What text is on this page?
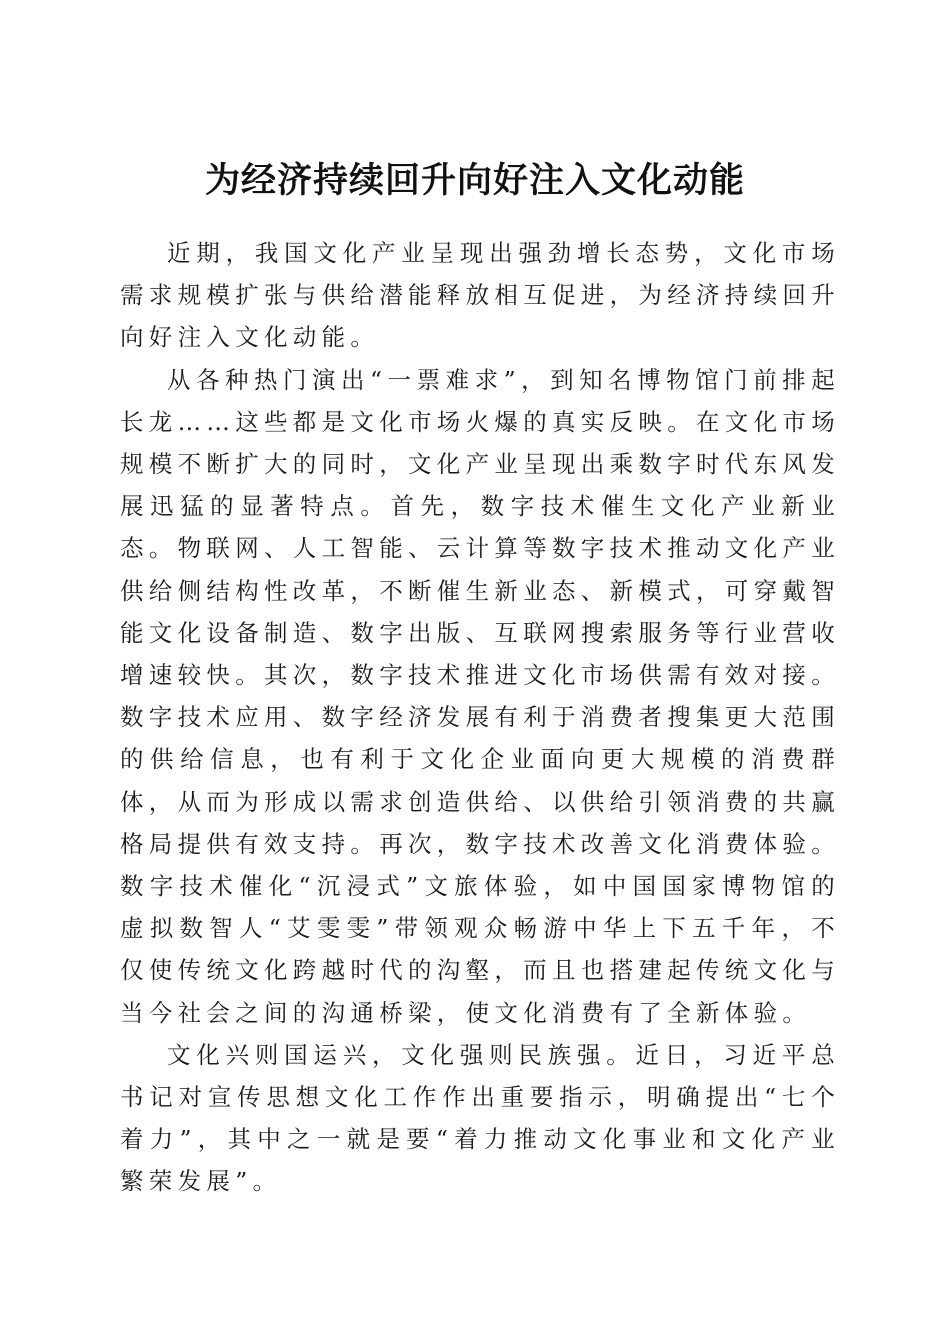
为经济持续回升向好注入文化动能

近期，我国文化产业呈现出强劲增长态势，文化市场需求规模扩张与供给潜能释放相互促进，为经济持续回升向好注入文化动能。

从各种热门演出“一票难求”，到知名博物馆门前排起长龙……这些都是文化市场火爆的真实反映。在文化市场规模不断扩大的同时，文化产业呈现出乘数字时代东风发展迅猛的显著特点。首先，数字技术催生文化产业新业态。物联网、人工智能、云计算等数字技术推动文化产业供给侧结构性改革，不断催生新业态、新模式，可穿戴智能文化设备制造、数字出版、互联网搜索服务等行业营收增速较快。其次，数字技术推进文化市场供需有效对接。数字技术应用、数字经济发展有利于消费者搜集更大范围的供给信息，也有利于文化企业面向更大规模的消费群体，从而为形成以需求创造供给、以供给引领消费的共赢格局提供有效支持。再次，数字技术改善文化消费体验。数字技术催化“沉浸式”文旅体验，如中国国家博物馆的虚拟数智人“艾雯雯”带领观众畅游中华上下五千年，不仅使传统文化跨越时代的沟壑，而且也搭建起传统文化与当今社会之间的沟通桥梁，使文化消费有了全新体验。

文化兴则国运兴，文化强则民族强。近日，习近平总书记对宣传思想文化工作作出重要指示，明确提出“七个着力”，其中之一就是要“着力推动文化事业和文化产业繁荣发展”。
